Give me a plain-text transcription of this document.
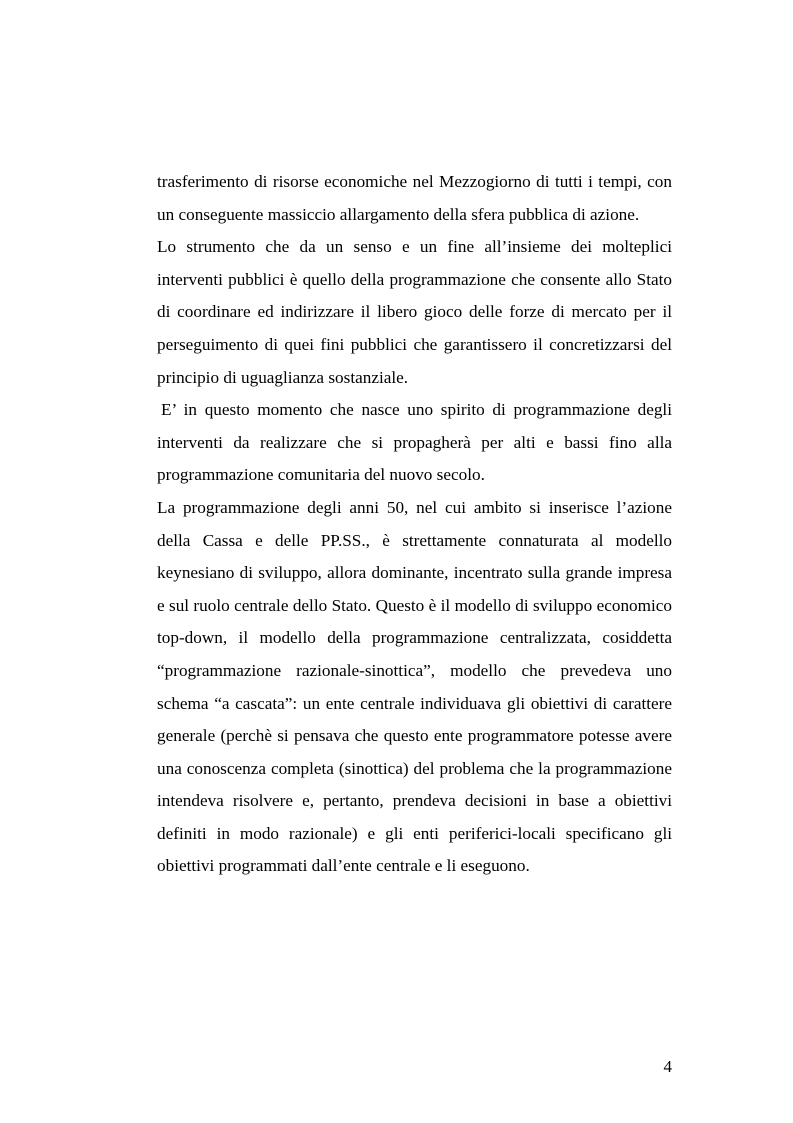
trasferimento di risorse economiche nel Mezzogiorno di tutti i tempi, con un conseguente massiccio allargamento della sfera pubblica di azione.

Lo strumento che da un senso e un fine all’insieme dei molteplici interventi pubblici è quello della programmazione che consente allo Stato di coordinare ed indirizzare il libero gioco delle forze di mercato per il perseguimento di quei fini pubblici che garantissero il concretizzarsi del principio di uguaglianza sostanziale.

E’ in questo momento che nasce uno spirito di programmazione degli interventi da realizzare che si propagherà per alti e bassi fino alla programmazione comunitaria del nuovo secolo.

La programmazione degli anni 50, nel cui ambito si inserisce l’azione della Cassa e delle PP.SS., è strettamente connaturata al modello keynesiano di sviluppo, allora dominante, incentrato sulla grande impresa e sul ruolo centrale dello Stato. Questo è il modello di sviluppo economico top-down, il modello della programmazione centralizzata, cosiddetta “programmazione razionale-sinottica”, modello che prevedeva uno schema “a cascata”: un ente centrale individuava gli obiettivi di carattere generale (perchè si pensava che questo ente programmatore potesse avere una conoscenza completa (sinottica) del problema che la programmazione intendeva risolvere e, pertanto, prendeva decisioni in base a obiettivi definiti in modo razionale) e gli enti periferici-locali specificano gli obiettivi programmati dall’ente centrale e li eseguono.

4
